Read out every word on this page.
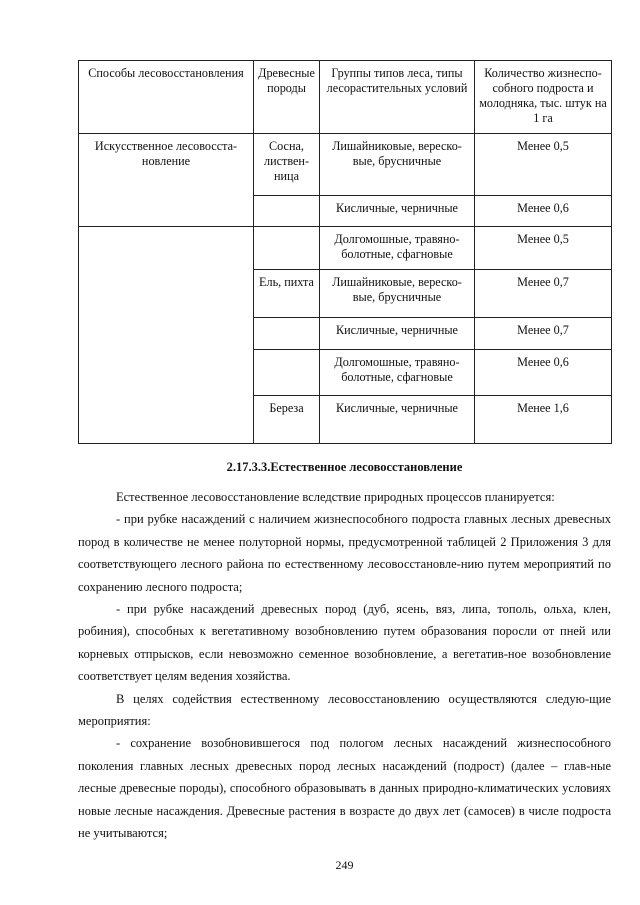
Способы лесовосстановления	Древесные породы	Группы типов леса, типы лесорастительных условий	Количество жизнеспо-собного подроста и молодняка, тыс. штук на 1 га
Искусственное лесовосста-новление	Сосна, листвен-ница	Лишайниковые, вереско-вые, брусничные	Менее 0,5
		Кисличные, черничные	Менее 0,6
		Долгомошные, травяно-болотные, сфагновые	Менее 0,5
	Ель, пихта	Лишайниковые, вереско-вые, брусничные	Менее 0,7
		Кисличные, черничные	Менее 0,7
		Долгомошные, травяно-болотные, сфагновые	Менее 0,6
	Береза	Кисличные, черничные	Менее 1,6
2.17.3.3.Естественное лесовосстановление

Естественное лесовосстановление вследствие природных процессов планируется:

- при рубке насаждений с наличием жизнеспособного подроста главных лесных древесных пород в количестве не менее полуторной нормы, предусмотренной таблицей 2 Приложения 3 для соответствующего лесного района по естественному лесовосстановле-нию путем мероприятий по сохранению лесного подроста;

- при рубке насаждений древесных пород (дуб, ясень, вяз, липа, тополь, ольха, клен, робиния), способных к вегетативному возобновлению путем образования поросли от пней или корневых отпрысков, если невозможно семенное возобновление, а вегетатив-ное возобновление соответствует целям ведения хозяйства.

В целях содействия естественному лесовосстановлению осуществляются следую-щие мероприятия:

- сохранение возобновившегося под пологом лесных насаждений жизнеспособного поколения главных лесных древесных пород лесных насаждений (подрост) (далее – глав-ные лесные древесные породы), способного образовывать в данных природно-климатических условиях новые лесные насаждения. Древесные растения в возрасте до двух лет (самосев) в числе подроста не учитываются;

249
